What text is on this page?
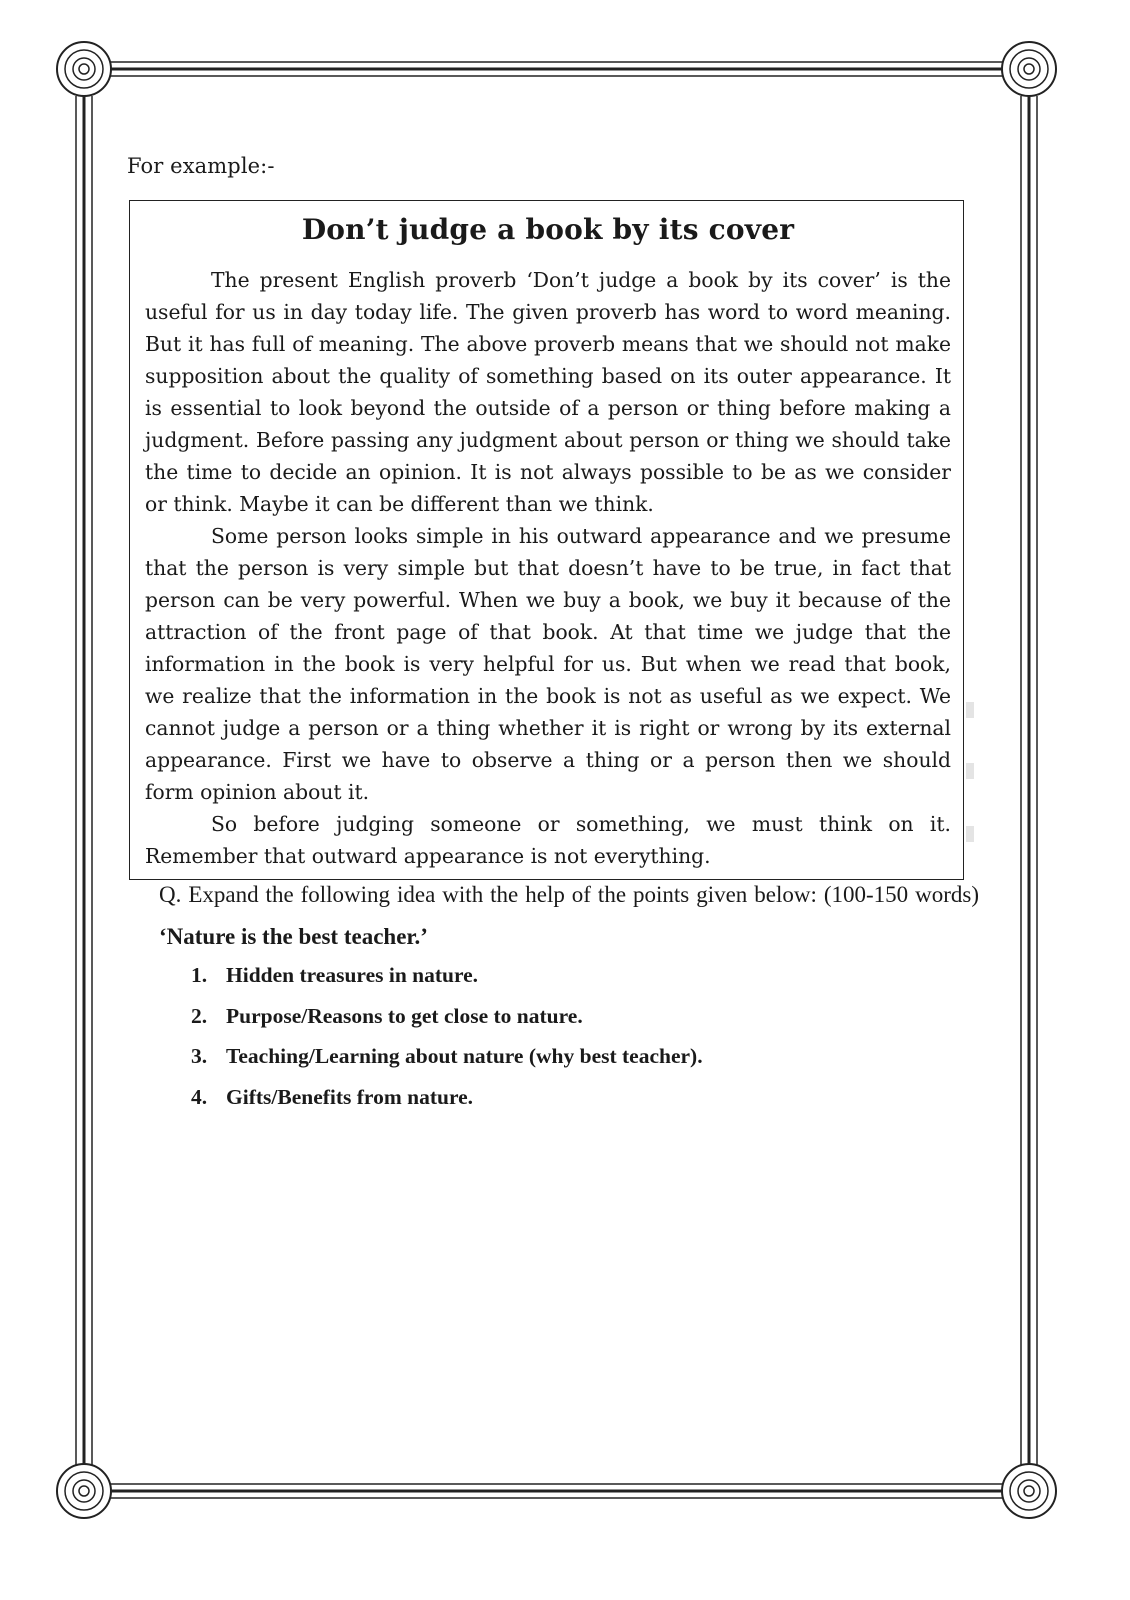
For example:-
Don’t judge a book by its cover

The present English proverb ‘Don’t judge a book by its cover’ is the useful for us in day today life. The given proverb has word to word meaning. But it has full of meaning. The above proverb means that we should not make supposition about the quality of something based on its outer appearance. It is essential to look beyond the outside of a person or thing before making a judgment. Before passing any judgment about person or thing we should take the time to decide an opinion. It is not always possible to be as we consider or think. Maybe it can be different than we think.

Some person looks simple in his outward appearance and we presume that the person is very simple but that doesn’t have to be true, in fact that person can be very powerful. When we buy a book, we buy it because of the attraction of the front page of that book. At that time we judge that the information in the book is very helpful for us. But when we read that book, we realize that the information in the book is not as useful as we expect. We cannot judge a person or a thing whether it is right or wrong by its external appearance. First we have to observe a thing or a person then we should form opinion about it.

So before judging someone or something, we must think on it. Remember that outward appearance is not everything.

Q. Expand the following idea with the help of the points given below: (100-150 words) ‘Nature is the best teacher.’

1. Hidden treasures in nature.
2. Purpose/Reasons to get close to nature.
3. Teaching/Learning about nature (why best teacher).
4. Gifts/Benefits from nature.
